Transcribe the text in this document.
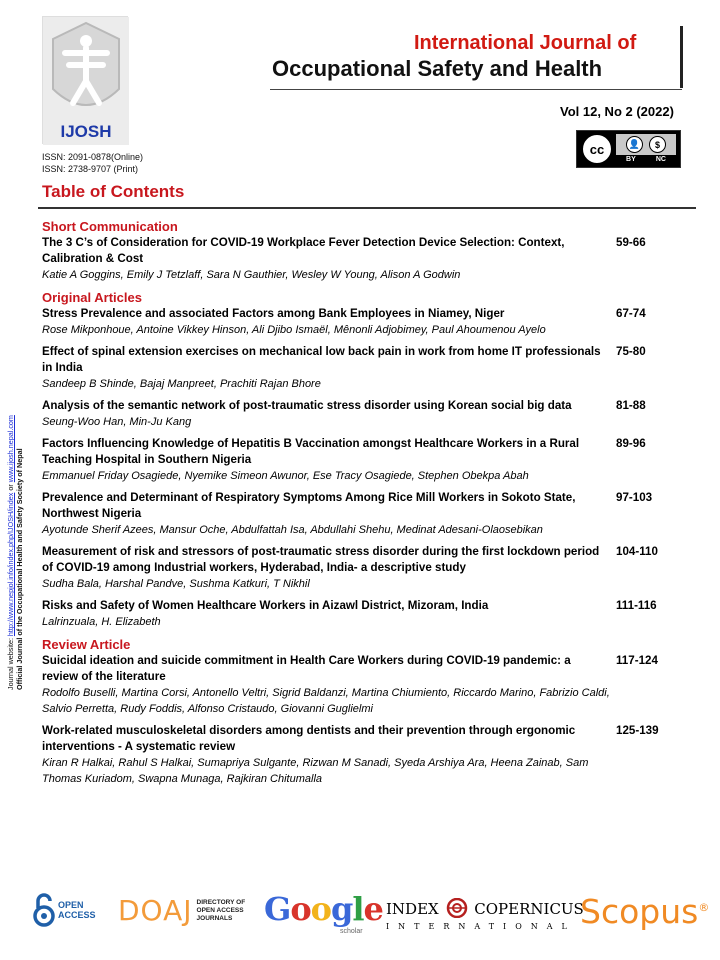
IJOSH
International Journal of
Occupational Safety and Health
Vol 12, No 2 (2022)
cc	👤	$
BY	NC
ISSN: 2091-0878(Online)
ISSN: 2738-9707 (Print)
Table of Contents
Journal website: http://www.nepjol.info/index.php/IJOSH/index or www.ijosh.nepal.com Official Journal of the Occupational Health and Safety Society of Nepal
Short Communication
The 3 C’s of Consideration for COVID-19 Workplace Fever Detection Device Selection: Context, Calibration & Cost
Katie A Goggins, Emily J Tetzlaff, Sara N Gauthier, Wesley W Young, Alison A Godwin
59-66
Original Articles
Stress Prevalence and associated Factors among Bank Employees in Niamey, Niger
Rose Mikponhoue, Antoine Vikkey Hinson, Ali Djibo Ismaël, Mênonli Adjobimey, Paul Ahoumenou Ayelo
67-74
Effect of spinal extension exercises on mechanical low back pain in work from home IT professionals in India
Sandeep B Shinde, Bajaj Manpreet, Prachiti Rajan Bhore
75-80
Analysis of the semantic network of post-traumatic stress disorder using Korean social big data
Seung-Woo Han, Min-Ju Kang
81-88
Factors Influencing Knowledge of Hepatitis B Vaccination amongst Healthcare Workers in a Rural Teaching Hospital in Southern Nigeria
Emmanuel Friday Osagiede, Nyemike Simeon Awunor, Ese Tracy Osagiede, Stephen Obekpa Abah
89-96
Prevalence and Determinant of Respiratory Symptoms Among Rice Mill Workers in Sokoto State, Northwest Nigeria
Ayotunde Sherif Azees, Mansur Oche, Abdulfattah Isa, Abdullahi Shehu, Medinat Adesani-Olaosebikan
97-103
Measurement of risk and stressors of post-traumatic stress disorder during the first lockdown period of COVID-19 among Industrial workers, Hyderabad, India- a descriptive study
Sudha Bala, Harshal Pandve, Sushma Katkuri, T Nikhil
104-110
Risks and Safety of Women Healthcare Workers in Aizawl District, Mizoram, India
Lalrinzuala, H. Elizabeth
111-116
Review Article
Suicidal ideation and suicide commitment in Health Care Workers during COVID-19 pandemic: a review of the literature
Rodolfo Buselli, Martina Corsi, Antonello Veltri, Sigrid Baldanzi, Martina Chiumiento, Riccardo Marino, Fabrizio Caldi, Salvio Perretta, Rudy Foddis, Alfonso Cristaudo, Giovanni Guglielmi
117-124
Work-related musculoskeletal disorders among dentists and their prevention through ergonomic interventions - A systematic review
Kiran R Halkai, Rahul S Halkai, Sumapriya Sulgante, Rizwan M Sanadi, Syeda Arshiya Ara, Heena Zainab, Sam Thomas Kuriadom, Swapna Munaga, Rajkiran Chitumalla
125-139
OPEN
ACCESS DOAJ DIRECTORY OF
OPEN ACCESS
JOURNALS Google
scholar
INDEX COPERNICUS
INTERNATIONAL Scopus®
